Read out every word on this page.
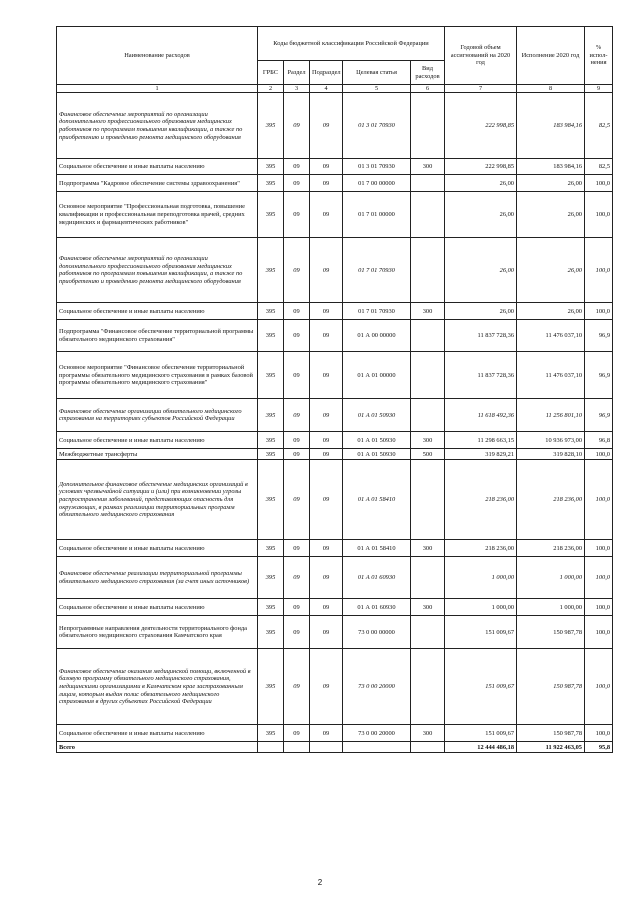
Наименование расходов	Коды бюджетной классификации Российской Федерации					Годовой объем ассигнований на 2020 год	Исполнение 2020 год	% испол-нения
	ГРБС	Раздел	Подраздел	Целевая статья	Вид расходов			
1	2	3	4	5	6	7	8	9
Финансовое обеспечение мероприятий по организации дополнительного профессионального образования медицинских работников по программам повышения квалификации, а также по приобретению и проведению ремонта медицинского оборудования	395	09	09	01 3 01 70930		222 998,85	183 984,16	82,5
Социальное обеспечение и иные выплаты населению	395	09	09	01 3 01 70930	300	222 998,85	183 984,16	82,5
Подпрограмма "Кадровое обеспечение системы здравоохранения"	395	09	09	01 7 00 00000		26,00	26,00	100,0
Основное мероприятие "Профессиональная подготовка, повышение квалификации и профессиональная переподготовка врачей, средних медицинских и фармацевтических работников"	395	09	09	01 7 01 00000		26,00	26,00	100,0
Финансовое обеспечение мероприятий по организации дополнительного профессионального образования медицинских работников по программам повышения квалификации, а также по приобретению и проведению ремонта медицинского оборудования	395	09	09	01 7 01 70930		26,00	26,00	100,0
Социальное обеспечение и иные выплаты населению	395	09	09	01 7 01 70930	300	26,00	26,00	100,0
Подпрограмма "Финансовое обеспечение территориальной программы обязательного медицинского страхования"	395	09	09	01 А 00 00000		11 837 728,36	11 476 037,10	96,9
Основное мероприятие "Финансовое обеспечение территориальной программы обязательного медицинского страхования в рамках базовой программы обязательного медицинского страхования"	395	09	09	01 А 01 00000		11 837 728,36	11 476 037,10	96,9
Финансовое обеспечение организации обязательного медицинского страхования на территориях субъектов Российской Федерации	395	09	09	01 А 01 50930		11 618 492,36	11 256 801,10	96,9
Социальное обеспечение и иные выплаты населению	395	09	09	01 А 01 50930	300	11 298 663,15	10 936 973,00	96,8
Межбюджетные трансферты	395	09	09	01 А 01 50930	500	319 829,21	319 828,10	100,0
Дополнительное финансовое обеспечение медицинских организаций в условиях чрезвычайной ситуации и (или) при возникновении угрозы распространения заболеваний, представляющих опасность для окружающих, в рамках реализации территориальных программ обязательного медицинского страхования	395	09	09	01 А 01 58410		218 236,00	218 236,00	100,0
Социальное обеспечение и иные выплаты населению	395	09	09	01 А 01 58410	300	218 236,00	218 236,00	100,0
Финансовое обеспечение реализации территориальной программы обязательного медицинского страхования (за счет иных источников)	395	09	09	01 А 01 60930		1 000,00	1 000,00	100,0
Социальное обеспечение и иные выплаты населению	395	09	09	01 А 01 60930	300	1 000,00	1 000,00	100,0
Непрограммные направления деятельности территориального фонда обязательного медицинского страхования Камчатского края	395	09	09	73 0 00 00000		151 009,67	150 987,78	100,0
Финансовое обеспечение оказания медицинской помощи, включенной в базовую программу обязательного медицинского страхования, медицинскими организациями в Камчатском крае застрахованным лицам, которым выдан полис обязательного медицинского страхования в других субъектах Российской Федерации	395	09	09	73 0 00 20000		151 009,67	150 987,78	100,0
Социальное обеспечение и иные выплаты населению	395	09	09	73 0 00 20000	300	151 009,67	150 987,78	100,0
Всего						12 444 486,18	11 922 463,05	95,8
2
